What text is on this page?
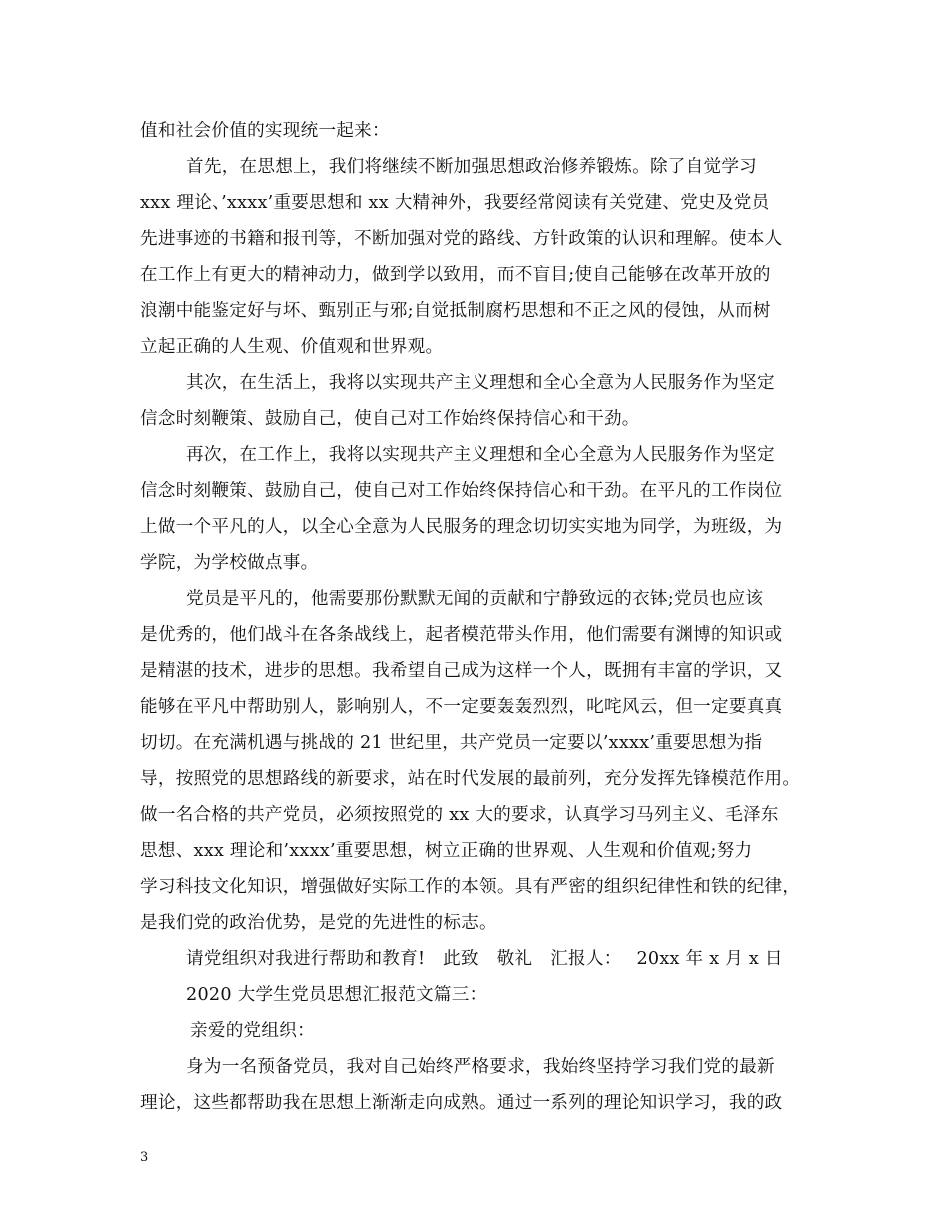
值和社会价值的实现统一起来：
首先，在思想上，我们将继续不断加强思想政治修养锻炼。除了自觉学习
xxx 理论、’xxxx’重要思想和 xx 大精神外，我要经常阅读有关党建、党史及党员
先进事迹的书籍和报刊等，不断加强对党的路线、方针政策的认识和理解。使本人
在工作上有更大的精神动力，做到学以致用，而不盲目;使自己能够在改革开放的
浪潮中能鉴定好与坏、甄别正与邪;自觉抵制腐朽思想和不正之风的侵蚀，从而树
立起正确的人生观、价值观和世界观。
其次，在生活上，我将以实现共产主义理想和全心全意为人民服务作为坚定
信念时刻鞭策、鼓励自己，使自己对工作始终保持信心和干劲。
再次，在工作上，我将以实现共产主义理想和全心全意为人民服务作为坚定
信念时刻鞭策、鼓励自己，使自己对工作始终保持信心和干劲。在平凡的工作岗位
上做一个平凡的人，以全心全意为人民服务的理念切切实实地为同学，为班级，为
学院，为学校做点事。
党员是平凡的，他需要那份默默无闻的贡献和宁静致远的衣钵;党员也应该
是优秀的，他们战斗在各条战线上，起者模范带头作用，他们需要有渊博的知识或
是精湛的技术，进步的思想。我希望自己成为这样一个人，既拥有丰富的学识，又
能够在平凡中帮助别人，影响别人，不一定要轰轰烈烈，叱咤风云，但一定要真真
切切。在充满机遇与挑战的 21 世纪里，共产党员一定要以’xxxx’重要思想为指
导，按照党的思想路线的新要求，站在时代发展的最前列，充分发挥先锋模范作用。
做一名合格的共产党员，必须按照党的 xx 大的要求，认真学习马列主义、毛泽东
思想、xxx 理论和’xxxx’重要思想，树立正确的世界观、人生观和价值观;努力
学习科技文化知识，增强做好实际工作的本领。具有严密的组织纪律性和铁的纪律，
是我们党的政治优势，是党的先进性的标志。
请党组织对我进行帮助和教育!　此致　敬礼　汇报人：　 20xx 年 x 月 x 日
2020 大学生党员思想汇报范文篇三：
亲爱的党组织：
身为一名预备党员，我对自己始终严格要求，我始终坚持学习我们党的最新
理论，这些都帮助我在思想上渐渐走向成熟。通过一系列的理论知识学习，我的政
3
